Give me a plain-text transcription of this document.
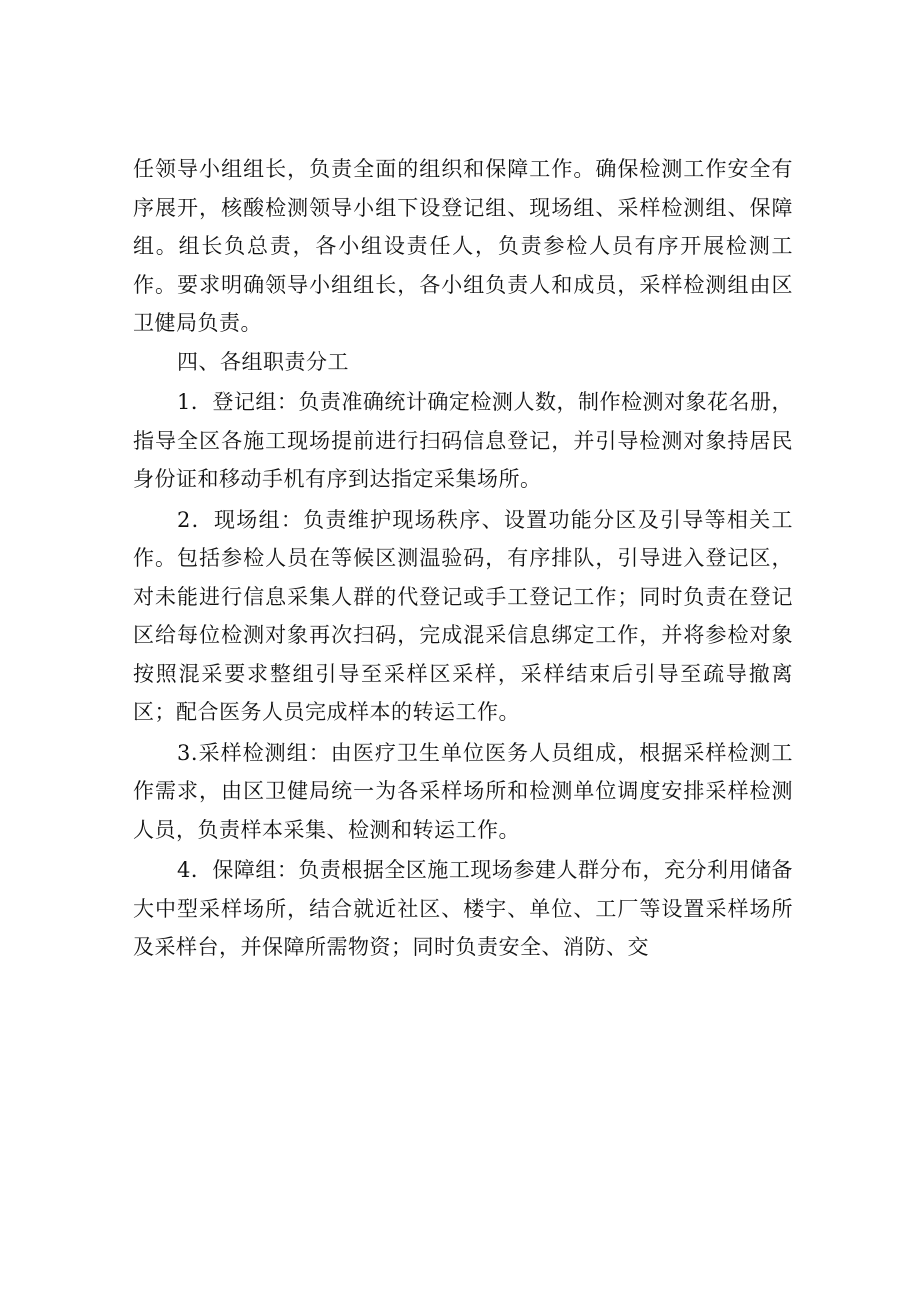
任领导小组组长，负责全面的组织和保障工作。确保检测工作安全有序展开，核酸检测领导小组下设登记组、现场组、采样检测组、保障组。组长负总责，各小组设责任人，负责参检人员有序开展检测工作。要求明确领导小组组长，各小组负责人和成员，采样检测组由区卫健局负责。

四、各组职责分工

1．登记组：负责准确统计确定检测人数，制作检测对象花名册，指导全区各施工现场提前进行扫码信息登记，并引导检测对象持居民身份证和移动手机有序到达指定采集场所。

2．现场组：负责维护现场秩序、设置功能分区及引导等相关工作。包括参检人员在等候区测温验码，有序排队，引导进入登记区，对未能进行信息采集人群的代登记或手工登记工作；同时负责在登记区给每位检测对象再次扫码，完成混采信息绑定工作，并将参检对象按照混采要求整组引导至采样区采样，采样结束后引导至疏导撤离区；配合医务人员完成样本的转运工作。

3.采样检测组：由医疗卫生单位医务人员组成，根据采样检测工作需求，由区卫健局统一为各采样场所和检测单位调度安排采样检测人员，负责样本采集、检测和转运工作。

4．保障组：负责根据全区施工现场参建人群分布，充分利用储备大中型采样场所，结合就近社区、楼宇、单位、工厂等设置采样场所及采样台，并保障所需物资；同时负责安全、消防、交
